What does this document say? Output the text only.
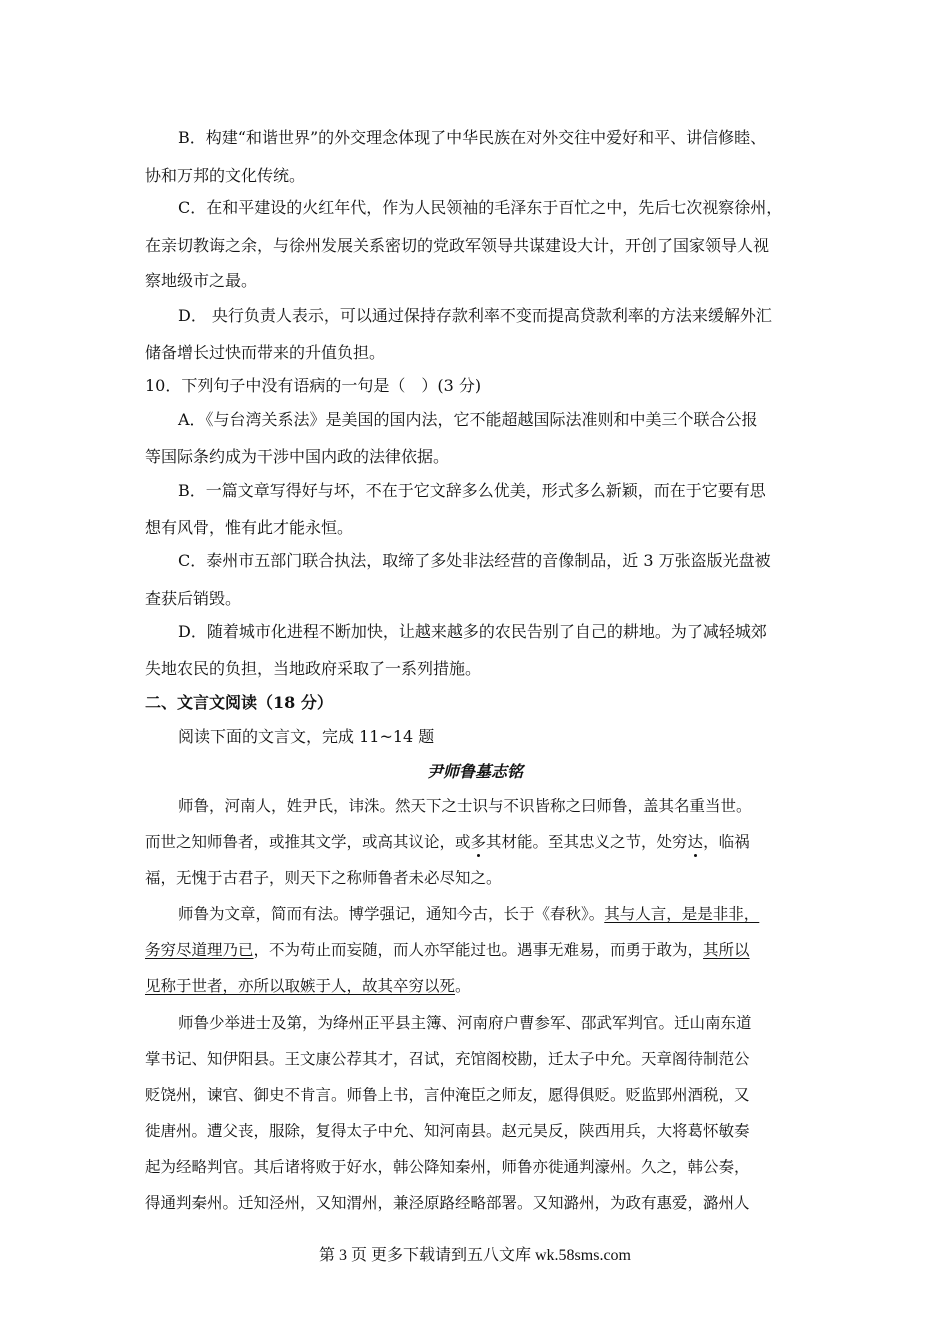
B．构建“和谐世界”的外交理念体现了中华民族在对外交往中爱好和平、讲信修睦、
协和万邦的文化传统。
C．在和平建设的火红年代，作为人民领袖的毛泽东于百忙之中，先后七次视察徐州，
在亲切教诲之余，与徐州发展关系密切的党政军领导共谋建设大计，开创了国家领导人视
察地级市之最。
D． 央行负责人表示，可以通过保持存款利率不变而提高贷款利率的方法来缓解外汇
储备增长过快而带来的升值负担。
10．下列句子中没有语病的一句是（　）(3 分)
A．《与台湾关系法》是美国的国内法，它不能超越国际法准则和中美三个联合公报
等国际条约成为干涉中国内政的法律依据。
B．一篇文章写得好与坏，不在于它文辞多么优美，形式多么新颖，而在于它要有思
想有风骨，惟有此才能永恒。
C．泰州市五部门联合执法，取缔了多处非法经营的音像制品，近 3 万张盗版光盘被
查获后销毁。
D．随着城市化进程不断加快，让越来越多的农民告别了自己的耕地。为了减轻城郊
失地农民的负担，当地政府采取了一系列措施。
二、文言文阅读（18 分）
阅读下面的文言文，完成 11~14 题
尹师鲁墓志铭
师鲁，河南人，姓尹氏，讳洙。然天下之士识与不识皆称之曰师鲁，盖其名重当世。
而世之知师鲁者，或推其文学，或高其议论，或多其材能。至其忠义之节，处穷达，临祸
福，无愧于古君子，则天下之称师鲁者未必尽知之。
师鲁为文章，简而有法。博学强记，通知今古，长于《春秋》。其与人言，是是非非，
务穷尽道理乃已，不为苟止而妄随，而人亦罕能过也。遇事无难易，而勇于敢为，其所以
见称于世者，亦所以取嫉于人，故其卒穷以死。
师鲁少举进士及第，为绛州正平县主簿、河南府户曹参军、邵武军判官。迁山南东道
掌书记、知伊阳县。王文康公荐其才，召试，充馆阁校勘，迁太子中允。天章阁待制范公
贬饶州，谏官、御史不肯言。师鲁上书，言仲淹臣之师友，愿得俱贬。贬监郢州酒税，又
徙唐州。遭父丧，服除，复得太子中允、知河南县。赵元昊反，陕西用兵，大将葛怀敏奏
起为经略判官。其后诸将败于好水，韩公降知秦州，师鲁亦徙通判濠州。久之，韩公奏，
得通判秦州。迁知泾州，又知渭州，兼泾原路经略部署。又知潞州，为政有惠爱，潞州人
第 3 页 更多下载请到五八文库 wk.58sms.com
